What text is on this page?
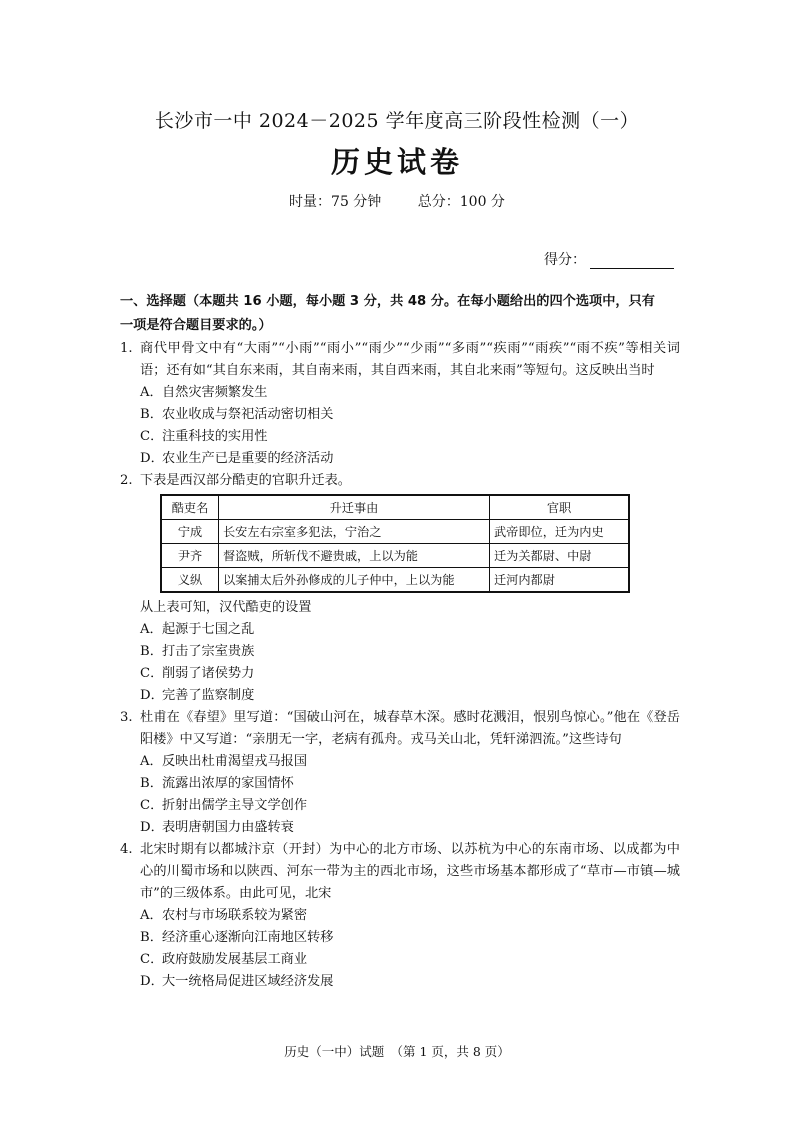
长沙市一中 2024－2025 学年度高三阶段性检测（一）
历史试卷
时量：75 分钟	总分：100 分
得分：
一、选择题（本题共 16 小题，每小题 3 分，共 48 分。在每小题给出的四个选项中，只有
一项是符合题目要求的。）
1. 商代甲骨文中有“大雨”“小雨”“雨小”“雨少”“少雨”“多雨”“疾雨”“雨疾”“雨不疾”等相关词语；还有如“其自东来雨，其自南来雨，其自西来雨，其自北来雨”等短句。这反映出当时
A．自然灾害频繁发生
B．农业收成与祭祀活动密切相关
C．注重科技的实用性
D．农业生产已是重要的经济活动
2. 下表是西汉部分酷吏的官职升迁表。
酷吏名	升迁事由	官职
宁成	长安左右宗室多犯法，宁治之	武帝即位，迁为内史
尹齐	督盗贼，所斩伐不避贵戚，上以为能	迁为关都尉、中尉
义纵	以案捕太后外孙修成的儿子仲中，上以为能	迁河内都尉
从上表可知，汉代酷吏的设置
A．起源于七国之乱
B．打击了宗室贵族
C．削弱了诸侯势力
D．完善了监察制度
3. 杜甫在《春望》里写道：“国破山河在，城春草木深。感时花溅泪，恨别鸟惊心。”他在《登岳阳楼》中又写道：“亲朋无一字，老病有孤舟。戎马关山北，凭轩涕泗流。”这些诗句
A．反映出杜甫渴望戎马报国
B．流露出浓厚的家国情怀
C．折射出儒学主导文学创作
D．表明唐朝国力由盛转衰
4. 北宋时期有以都城汴京（开封）为中心的北方市场、以苏杭为中心的东南市场、以成都为中心的川蜀市场和以陕西、河东一带为主的西北市场，这些市场基本都形成了“草市—市镇—城市”的三级体系。由此可见，北宋
A．农村与市场联系较为紧密
B．经济重心逐渐向江南地区转移
C．政府鼓励发展基层工商业
D．大一统格局促进区域经济发展
历史（一中）试题　（第 1 页，共 8 页）
